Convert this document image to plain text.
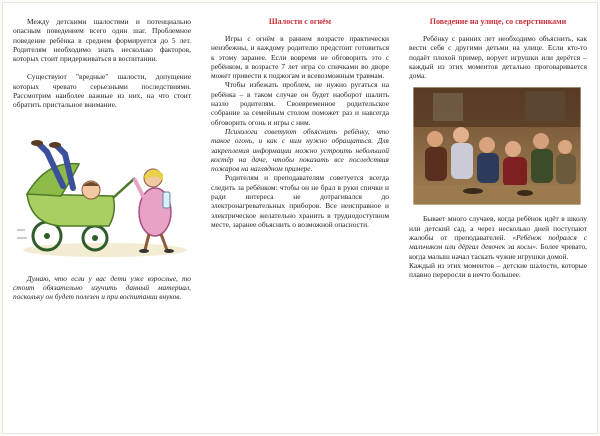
Между детскими шалостями и потенциально опасным поведением всего один шаг. Проблемное поведение ребёнка в среднем формируется до 5 лет. Родителям необходимо знать несколько факторов, которых стоит придерживаться в воспитании.

Существуют "вредные" шалости, допущение которых чревато серьезными последствиями. Рассмотрим наиболее важные из них, на что стоит обратить пристальное внимание.

Думаю, что если у вас дети уже взрослые, то стоит обязательно изучить данный материал, поскольку он будет полезен и при воспитании внуков.

Шалости с огнём

Игры с огнём в раннем возрасте практически неизбежны, и каждому родителю предстоит готовиться к этому заранее. Если вовремя не обговорить это с ребёнком, в возрасте 7 лет игра со спичками во дворе может привести к поджогам и всевозможным травмам.

Чтобы избежать проблем, не нужно ругаться на ребёнка – в таком случае он будет наоборот шалить назло родителям. Своевременное родительское собрание за семейным столом поможет раз и навсегда обговорить огонь и игры с ним.

Психологи советуют объяснить ребёнку, что такое огонь, и как с ним нужно обращаться. Для закрепления информации можно устроить небольшой костёр на даче, чтобы показать все последствия пожаров на наглядном примере.

Родителям и преподавателям советуется всегда следить за ребёнком: чтобы он не брал в руки спички и ради интереса не дотрагивался до электронагревательных приборов. Все неисправное и электрическое желательно хранить в труднодоступном месте, заранее объяснить о возможной опасности.

Поведение на улице, со сверстниками

Ребёнку с ранних лет необходимо объяснить, как вести себя с другими детьми на улице. Если кто-то подаёт плохой пример, ворует игрушки или дерётся – каждый из этих моментов детально проговаривается дома.

Бывает много случаев, когда ребёнок идёт в школу или детский сад, а через несколько дней поступают жалобы от преподавателей. «Ребёнок подрался с мальчиком или дёргал девочек за косы». Более чревато, когда малыш начал таскать чужие игрушки домой.

Каждый из этих моментов – детские шалости, которые плавно переросли в нечто большее.
